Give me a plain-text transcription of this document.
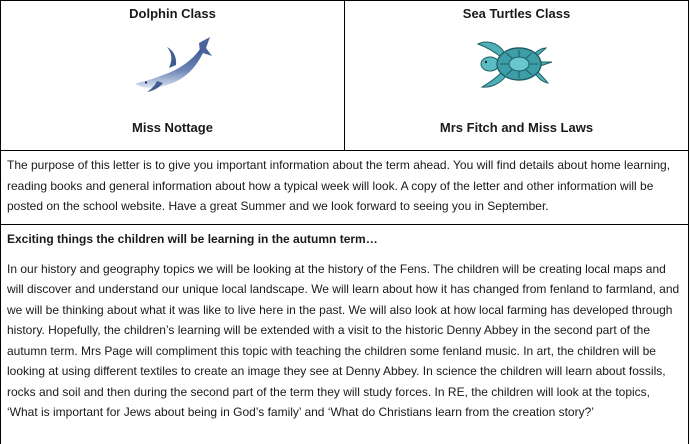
Dolphin Class
Miss Nottage
Sea Turtles Class
Mrs Fitch and Miss Laws
The purpose of this letter is to give you important information about the term ahead. You will find details about home learning, reading books and general information about how a typical week will look. A copy of the letter and other information will be posted on the school website. Have a great Summer and we look forward to seeing you in September.

Exciting things the children will be learning in the autumn term…

In our history and geography topics we will be looking at the history of the Fens. The children will be creating local maps and will discover and understand our unique local landscape. We will learn about how it has changed from fenland to farmland, and we will be thinking about what it was like to live here in the past. We will also look at how local farming has developed through history. Hopefully, the children’s learning will be extended with a visit to the historic Denny Abbey in the second part of the autumn term. Mrs Page will compliment this topic with teaching the children some fenland music. In art, the children will be looking at using different textiles to create an image they see at Denny Abbey. In science the children will learn about fossils, rocks and soil and then during the second part of the term they will study forces. In RE, the children will look at the topics, ‘What is important for Jews about being in God’s family’ and ‘What do Christians learn from the creation story?’
